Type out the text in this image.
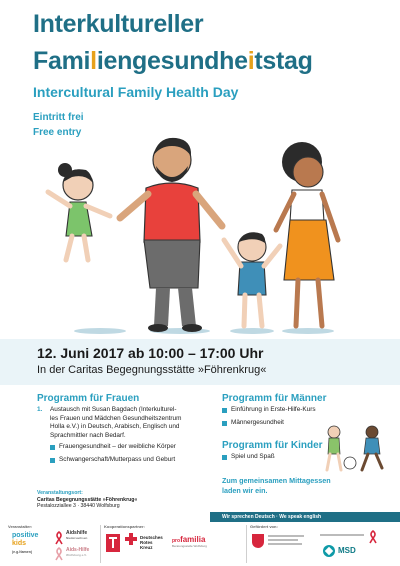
Interkultureller
Familiengesundheitstag
Intercultural Family Health Day
Eintritt frei
Free entry
12. Juni 2017 ab 10:00 – 17:00 Uhr
In der Caritas Begegnungsstätte »Föhrenkrug«
Programm für Frauen
1. Austausch mit Susan Bagdach (Interkulturel-
les Frauen und Mädchen Gesundheitszentrum
Holla e.V.) in Deutsch, Arabisch, Englisch und
Sprachmittler nach Bedarf.
Frauengesundheit – der weibliche Körper
Schwangerschaft/Mutterpass und Geburt
Programm für Männer
Einführung in Erste-Hilfe-Kurs
Männergesundheit
Programm für Kinder
Spiel und Spaß
Zum gemeinsamen Mittagessen
laden wir ein.
Veranstaltungsort:
Caritas Begegnungsstätte »Föhrenkrug«
Pestalozziallee 3 · 38440 Wolfsburg
Wir sprechen Deutsch · We speak english
Veranstalter:
positive
kids
(e.g.Namen)
Aidshilfe
Niedersachsen
Aids-Hilfe
Wolfsburg e.V.
Kooperationspartner:
Deutsches
Rotes
Kreuz
profamilia
Beratungsstelle Wolfsburg
Gefördert von:
MSD
